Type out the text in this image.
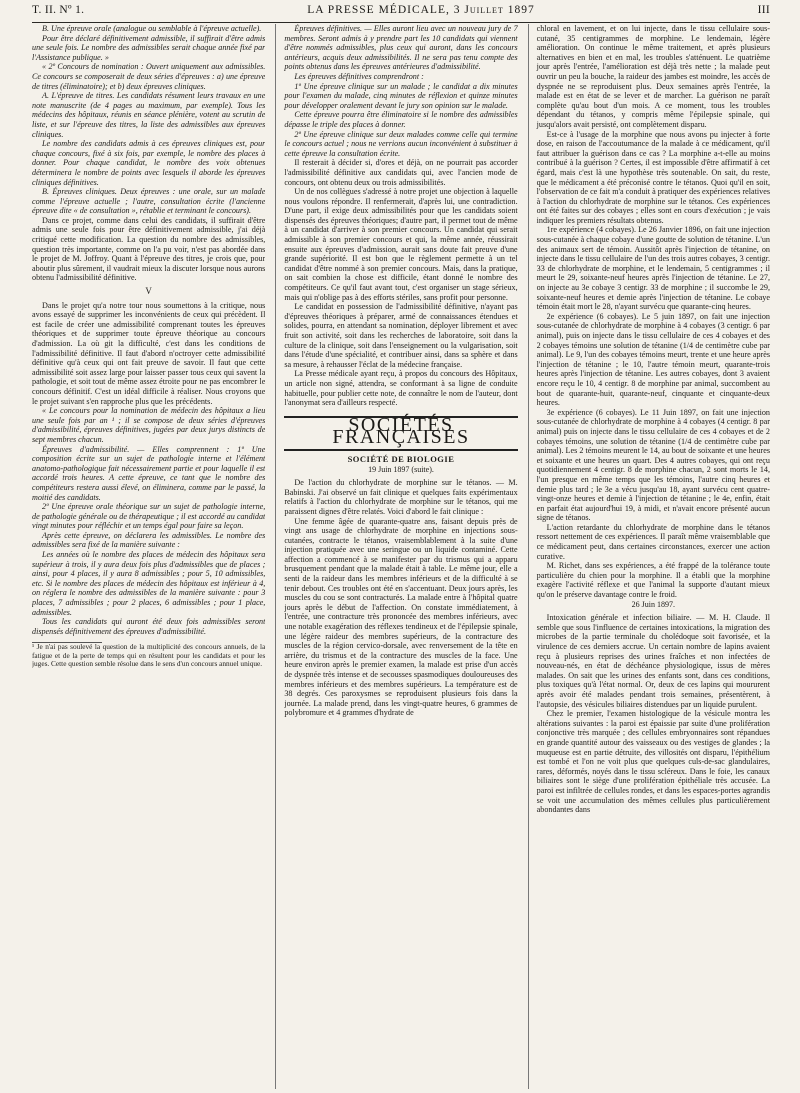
T. II. Nº 1.	LA PRESSE MÉDICALE, 3 Juillet 1897	III

B. Une épreuve orale (analogue ou semblable à l'épreuve actuelle).

Pour être déclaré définitivement admissible, il suffirait d'être admis une seule fois. Le nombre des admissibles serait chaque année fixé par l'Assistance publique. »

« 2º Concours de nomination : Ouvert uniquement aux admissibles. Ce concours se composerait de deux séries d'épreuves : a) une épreuve de titres (éliminatoire); et b) deux épreuves cliniques.

A. L'épreuve de titres. Les candidats résument leurs travaux en une note manuscrite (de 4 pages au maximum, par exemple). Tous les médecins des hôpitaux, réunis en séance plénière, votent au scrutin de liste, et sur l'épreuve des titres, la liste des admissibles aux épreuves cliniques.

Le nombre des candidats admis à ces épreuves cliniques est, pour chaque concours, fixé à six fois, par exemple, le nombre des places à donner. Pour chaque candidat, le nombre des voix obtenues déterminera le nombre de points avec lesquels il aborde les épreuves cliniques définitives.

B. Épreuves cliniques. Deux épreuves : une orale, sur un malade comme l'épreuve actuelle ; l'autre, consultation écrite (l'ancienne épreuve dite « de consultation », rétablie et terminant le concours).

Dans ce projet, comme dans celui des candidats, il suffirait d'être admis une seule fois pour être définitivement admissible, j'ai déjà critiqué cette modification. La question du nombre des admissibles, question très importante, comme on l'a pu voir, n'est pas abordée dans le projet de M. Joffroy. Quant à l'épreuve des titres, je crois que, pour aboutir plus sûrement, il vaudrait mieux la discuter lorsque nous aurons obtenu l'admissibilité définitive.

V

Dans le projet qu'a notre tour nous soumettons à la critique, nous avons essayé de supprimer les inconvénients de ceux qui précèdent. Il est facile de créer une admissibilité comprenant toutes les épreuves théoriques et de supprimer toute épreuve théorique au concours d'admission. La où git la difficulté, c'est dans les conditions de l'admissibilité définitive. Il faut d'abord n'octroyer cette admissibilité définitive qu'à ceux qui ont fait preuve de savoir. Il faut que cette admissibilité soit assez large pour laisser passer tous ceux qui savent la pathologie, et soit tout de même assez étroite pour ne pas encombrer le concours définitif. C'est un idéal difficile à réaliser. Nous croyons que le projet suivant s'en rapproche plus que les précédents.

« Le concours pour la nomination de médecin des hôpitaux a lieu une seule fois par an ¹ ; il se compose de deux séries d'épreuves d'admissibilité, épreuves définitives, jugées par deux jurys distincts de sept membres chacun.

Épreuves d'admissibilité. — Elles comprennent : 1º Une composition écrite sur un sujet de pathologie interne et l'élément anatomo-pathologique fait nécessairement partie et pour laquelle il est accordé trois heures. A cette épreuve, ce tant que le nombre des compétiteurs restera aussi élevé, on éliminera, comme par le passé, la moitié des candidats.

2º Une épreuve orale théorique sur un sujet de pathologie interne, de pathologie générale ou de thérapeutique ; il est accordé au candidat vingt minutes pour réfléchir et un temps égal pour faire sa leçon.

Après cette épreuve, on déclarera les admissibles. Le nombre des admissibles sera fixé de la manière suivante :

Les années où le nombre des places de médecin des hôpitaux sera supérieur à trois, il y aura deux fois plus d'admissibles que de places ; ainsi, pour 4 places, il y aura 8 admissibles ; pour 5, 10 admissibles, etc. Si le nombre des places de médecin des hôpitaux est inférieur à 4, on réglera le nombre des admissibles de la manière suivante : pour 3 places, 7 admissibles ; pour 2 places, 6 admissibles ; pour 1 place, admissibles.

Tous les candidats qui auront été deux fois admissibles seront dispensés définitivement des épreuves d'admissibilité.

¹ Je n'ai pas soulevé la question de la multiplicité des concours annuels, de la fatigue et de la perte de temps qui en résultent pour les candidats et pour les juges. Cette question semble résolue dans le sens d'un concours annuel unique.

Épreuves définitives. — Elles auront lieu avec un nouveau jury de 7 membres. Seront admis à y prendre part les 10 candidats qui viennent d'être nommés admissibles, plus ceux qui auront, dans les concours antérieurs, acquis deux admissibilités. Il ne sera pas tenu compte des points obtenus dans les épreuves antérieures d'admissibilité.

Les épreuves définitives comprendront :

1º Une épreuve clinique sur un malade ; le candidat a dix minutes pour l'examen du malade, cinq minutes de réflexion et quinze minutes pour développer oralement devant le jury son opinion sur le malade.

Cette épreuve pourra être éliminatoire si le nombre des admissibles dépasse le triple des places à donner.

2º Une épreuve clinique sur deux malades comme celle qui termine le concours actuel ; nous ne verrions aucun inconvénient à substituer à cette épreuve la consultation écrite.

Il resterait à décider si, d'ores et déjà, on ne pourrait pas accorder l'admissibilité définitive aux candidats qui, avec l'ancien mode de concours, ont obtenu deux ou trois admissibilités.

Un de nos collègues s'adressé à notre projet une objection à laquelle nous voulons répondre. Il renfermerait, d'après lui, une contradiction. D'une part, il exige deux admissibilités pour que les candidats soient dispensés des épreuves théoriques; d'autre part, il permet tout de même à un candidat d'arriver à son premier concours. Un candidat qui serait admissible à son premier concours et qui, la même année, réussirait ensuite aux épreuves d'admission, aurait sans doute fait preuve d'une grande supériorité. Il est bon que le règlement permette à un tel candidat d'être nommé à son premier concours. Mais, dans la pratique, on sait combien la chose est difficile, étant donné le nombre des compétiteurs. Ce qu'il faut avant tout, c'est organiser un stage sérieux, mais qui n'oblige pas à des efforts stériles, sans profit pour personne.

Le candidat en possession de l'admissibilité définitive, n'ayant pas d'épreuves théoriques à préparer, armé de connaissances étendues et solides, pourra, en attendant sa nomination, déployer librement et avec fruit son activité, soit dans les recherches de laboratoire, soit dans la culture de la clinique, soit dans l'enseignement ou la vulgarisation, soit dans l'étude d'une spécialité, et contribuer ainsi, dans sa sphère et dans sa mesure, à rehausser l'éclat de la médecine française.

La Presse médicale ayant reçu, à propos du concours des Hôpitaux, un article non signé, attendra, se conformant à sa ligne de conduite habituelle, pour publier cette note, de connaître le nom de l'auteur, dont l'anonymat sera d'ailleurs respecté.

SOCIÉTÉS FRANÇAISES
SOCIÉTÉ DE BIOLOGIE
19 Juin 1897 (suite).

De l'action du chlorhydrate de morphine sur le tétanos. — M. Babinski. J'ai observé un fait clinique et quelques faits expérimentaux relatifs à l'action du chlorhydrate de morphine sur le tétanos, qui me paraissent dignes d'être relatés. Voici d'abord le fait clinique :

Une femme âgée de quarante-quatre ans, faisant depuis près de vingt ans usage de chlorhydrate de morphine en injections sous-cutanées, contracte le tétanos, vraisemblablement à la suite d'une injection pratiquée avec une seringue ou un liquide contaminé. Cette affection a commencé à se manifester par du trismus qui a apparu brusquement pendant que la malade était à table. Le même jour, elle a senti de la raideur dans les membres inférieurs et de la difficulté à se tenir debout. Ces troubles ont été en s'accentuant. Deux jours après, les muscles du cou se sont contracturés. La malade entre à l'hôpital quatre jours après le début de l'affection. On constate immédiatement, à l'entrée, une contracture très prononcée des membres inférieurs, avec une notable exagération des réflexes tendineux et de l'épilepsie spinale, une légère raideur des membres supérieurs, de la contracture des muscles de la région cervico-dorsale, avec renversement de la tête en arrière, du trismus et de la contracture des muscles de la face. Une heure environ après le premier examen, la malade est prise d'un accès de dyspnée très intense et de secousses spasmodiques douloureuses des membres inférieurs et des membres supérieurs. La température est de 38 degrés. Ces paroxysmes se reproduisent plusieurs fois dans la journée. La malade prend, dans les vingt-quatre heures, 6 grammes de polybromure et 4 grammes d'hydrate de

chloral en lavement, et on lui injecte, dans le tissu cellulaire sous-cutané, 35 centigrammes de morphine. Le lendemain, légère amélioration. On continue le même traitement, et après plusieurs alternatives en bien et en mal, les troubles s'atténuent. Le quatrième jour après l'entrée, l'amélioration est déjà très nette ; la malade peut ouvrir un peu la bouche, la raideur des jambes est moindre, les accès de dyspnée ne se reproduisent plus. Deux semaines après l'entrée, la malade est en état de se lever et de marcher. La guérison ne paraît complète qu'au bout d'un mois. A ce moment, tous les troubles dépendant du tétanos, y compris même l'épilepsie spinale, qui jusqu'alors avait persisté, ont complètement disparu.

Est-ce à l'usage de la morphine que nous avons pu injecter à forte dose, en raison de l'accoutumance de la malade à ce médicament, qu'il faut attribuer la guérison dans ce cas ? La morphine a-t-elle au moins contribué à la guérison ? Certes, il est impossible d'être affirmatif à cet égard, mais c'est là une hypothèse très soutenable. On sait, du reste, que le médicament a été préconisé contre le tétanos. Quoi qu'il en soit, l'observation de ce fait m'a conduit à pratiquer des expériences relatives à l'action du chlorhydrate de morphine sur le tétanos. Ces expériences ont été faites sur des cobayes ; elles sont en cours d'exécution ; je vais indiquer les premiers résultats obtenus.

1re expérience (4 cobayes). Le 26 Janvier 1896, on fait une injection sous-cutanée à chaque cobaye d'une goutte de solution de tétanine. L'un des animaux sert de témoin. Aussitôt après l'injection de tétanine, on injecte dans le tissu cellulaire de l'un des trois autres cobayes, 3 centigr. 33 de chlorhydrate de morphine, et le lendemain, 5 centigrammes ; il meurt le 29, soixante-neuf heures après l'injection de tétanine. Le 27, on injecte au 3e cobaye 3 centigr. 33 de morphine ; il succombe le 29, soixante-neuf heures et demie après l'injection de tétanine. Le cobaye témoin était mort le 28, n'ayant survécu que quarante-cinq heures.

2e expérience (6 cobayes). Le 5 juin 1897, on fait une injection sous-cutanée de chlorhydrate de morphine à 4 cobayes (3 centigr. 6 par animal), puis on injecte dans le tissu cellulaire de ces 4 cobayes et des 2 cobayes témoins une solution de tétanine (1/4 de centimètre cube par animal). Le 9, l'un des cobayes témoins meurt, trente et une heure après l'injection de tétanine ; le 10, l'autre témoin meurt, quarante-trois heures après l'injection de tétanine. Les autres cobayes, dont 3 avaient encore reçu le 10, 4 centigr. 8 de morphine par animal, succombent au bout de quarante-huit, quarante-neuf, cinquante et cinquante-deux heures.

3e expérience (6 cobayes). Le 11 Juin 1897, on fait une injection sous-cutanée de chlorhydrate de morphine à 4 cobayes (4 centigr. 8 par animal) puis on injecte dans le tissu cellulaire de ces 4 cobayes et de 2 cobayes témoins, une solution de tétanine (1/4 de centimètre cube par animal). Les 2 témoins meurent le 14, au bout de soixante et une heures et soixante et une heures un quart. Des 4 autres cobayes, qui ont reçu quotidiennement 4 centigr. 8 de morphine chacun, 2 sont morts le 14, l'un presque en même temps que les témoins, l'autre cinq heures et demie plus tard ; le 3e a vécu jusqu'au 18, ayant survécu cent quatre-vingt-onze heures et demie à l'injection de tétanine ; le 4e, enfin, était en parfait état aujourd'hui 19, à midi, et n'avait encore présenté aucun signe de tétanos.

L'action retardante du chlorhydrate de morphine dans le tétanos ressort nettement de ces expériences. Il paraît même vraisemblable que ce médicament peut, dans certaines circonstances, exercer une action curative.

M. Richet, dans ses expériences, a été frappé de la tolérance toute particulière du chien pour la morphine. Il a établi que la morphine exagère l'activité réflexe et que l'animal la supporte d'autant mieux qu'on le préserve davantage contre le froid.

26 Juin 1897.

Intoxication générale et infection biliaire. — M. H. Claude. Il semble que sous l'influence de certaines intoxications, la migration des microbes de la partie terminale du cholédoque soit favorisée, et la virulence de ces derniers accrue. Un certain nombre de lapins avaient reçu à plusieurs reprises des urines fraîches et non infectées de nouveau-nés, en état de déchéance physiologique, issus de mères malades. On sait que les urines des enfants sont, dans ces conditions, plus toxiques qu'à l'état normal. Or, deux de ces lapins qui moururent après avoir été malades pendant trois semaines, présentèrent, à l'autopsie, des vésicules biliaires distendues par un liquide purulent.

Chez le premier, l'examen histologique de la vésicule montra les altérations suivantes : la paroi est épaissie par suite d'une prolifération conjonctive très marquée ; des cellules embryonnaires sont répandues en grande quantité autour des vaisseaux ou des vestiges de glandes ; la muqueuse est en partie détruite, des villosités ont disparu, l'épithélium est tombé et l'on ne voit plus que quelques culs-de-sac glandulaires, rares, déformés, noyés dans le tissu scléreux. Dans le foie, les canaux biliaires sont le siège d'une prolifération épithéliale très accusée. La paroi est infiltrée de cellules rondes, et dans les espaces-portes agrandis se voit une accumulation des mêmes cellules plus particulièrement abondantes dans
